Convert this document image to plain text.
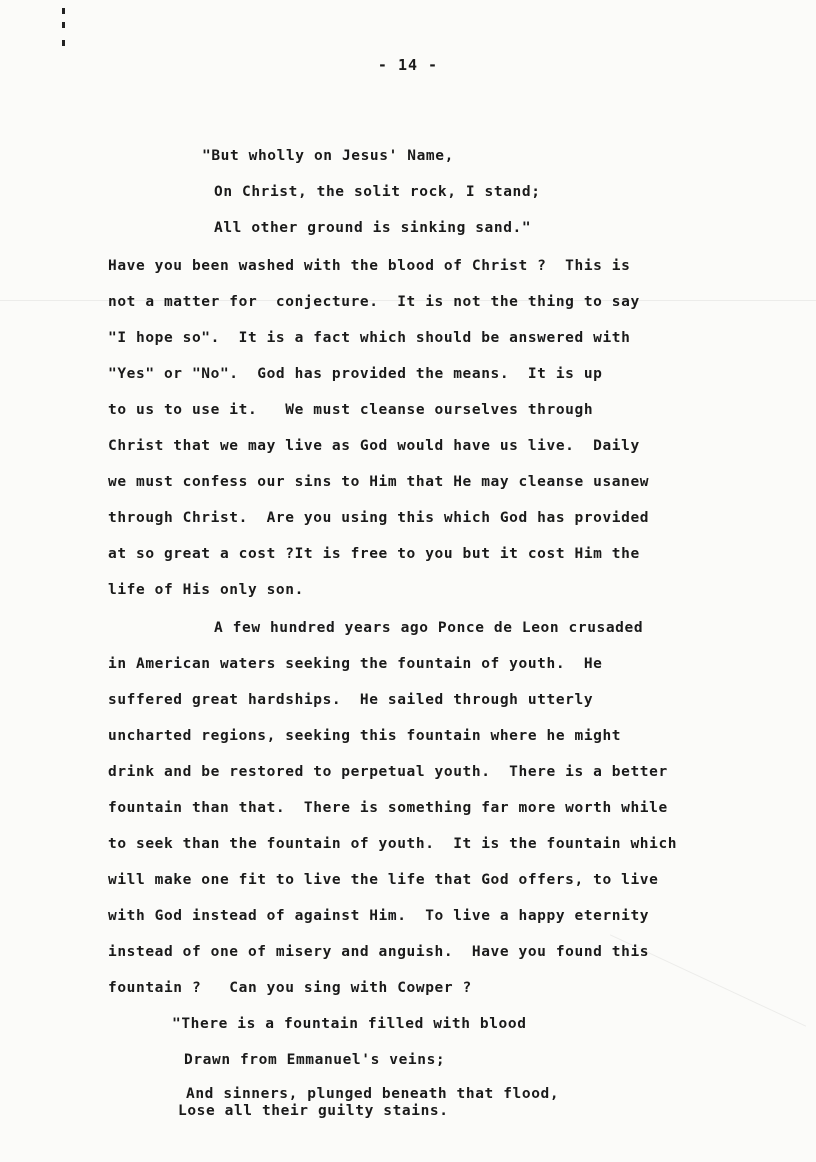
- 14 -
"But wholly on Jesus' Name,
On Christ, the solit rock, I stand;
All other ground is sinking sand."
Have you been washed with the blood of Christ ?  This is
not a matter for  conjecture.  It is not the thing to say
"I hope so".  It is a fact which should be answered with
"Yes" or "No".  God has provided the means.  It is up
to us to use it.   We must cleanse ourselves through
Christ that we may live as God would have us live.  Daily
we must confess our sins to Him that He may cleanse usanew
through Christ.  Are you using this which God has provided
at so great a cost ?It is free to you but it cost Him the
life of His only son.
A few hundred years ago Ponce de Leon crusaded
in American waters seeking the fountain of youth.  He
suffered great hardships.  He sailed through utterly
uncharted regions, seeking this fountain where he might
drink and be restored to perpetual youth.  There is a better
fountain than that.  There is something far more worth while
to seek than the fountain of youth.  It is the fountain which
will make one fit to live the life that God offers, to live
with God instead of against Him.  To live a happy eternity
instead of one of misery and anguish.  Have you found this
fountain ?   Can you sing with Cowper ?
"There is a fountain filled with blood
Drawn from Emmanuel's veins;
And sinners, plunged beneath that flood,
Lose all their guilty stains.
